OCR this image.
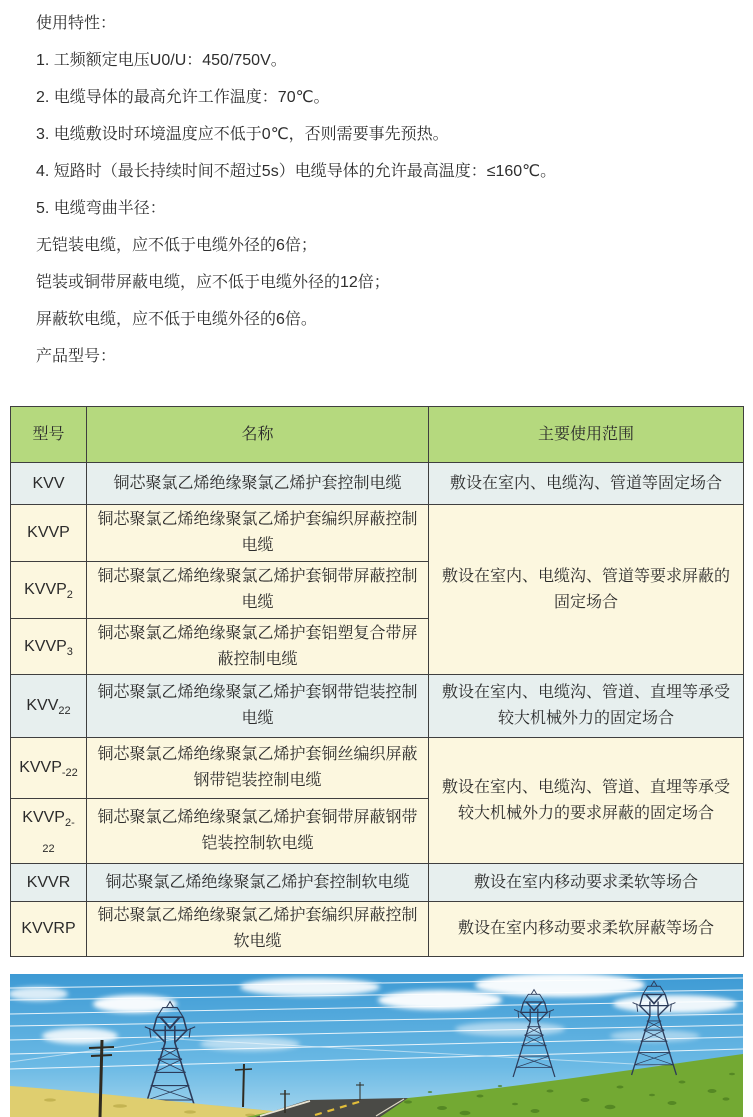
使用特性：

1. 工频额定电压U0/U：450/750V。

2. 电缆导体的最高允许工作温度：70℃。

3. 电缆敷设时环境温度应不低于0℃，否则需要事先预热。

4. 短路时（最长持续时间不超过5s）电缆导体的允许最高温度：≤160℃。

5. 电缆弯曲半径：

无铠装电缆，应不低于电缆外径的6倍；

铠装或铜带屏蔽电缆，应不低于电缆外径的12倍；

屏蔽软电缆，应不低于电缆外径的6倍。

产品型号：

型号	名称	主要使用范围
KVV	铜芯聚氯乙烯绝缘聚氯乙烯护套控制电缆	敷设在室内、电缆沟、管道等固定场合
KVVP	铜芯聚氯乙烯绝缘聚氯乙烯护套编织屏蔽控制电缆	敷设在室内、电缆沟、管道等要求屏蔽的固定场合
$KVVP_2$	铜芯聚氯乙烯绝缘聚氯乙烯护套铜带屏蔽控制电缆	
$KVVP_3$	铜芯聚氯乙烯绝缘聚氯乙烯护套铝塑复合带屏蔽控制电缆	
$KVV_{22}$	铜芯聚氯乙烯绝缘聚氯乙烯护套钢带铠装控制电缆	敷设在室内、电缆沟、管道、直埋等承受较大机械外力的固定场合
$KVVP_{-22}$	铜芯聚氯乙烯绝缘聚氯乙烯护套铜丝编织屏蔽钢带铠装控制电缆	敷设在室内、电缆沟、管道、直埋等承受较大机械外力的要求屏蔽的固定场合
$KVVP_{2-22}$	铜芯聚氯乙烯绝缘聚氯乙烯护套铜带屏蔽钢带铠装控制软电缆	
KVVR	铜芯聚氯乙烯绝缘聚氯乙烯护套控制软电缆	敷设在室内移动要求柔软等场合
KVVRP	铜芯聚氯乙烯绝缘聚氯乙烯护套编织屏蔽控制软电缆	敷设在室内移动要求柔软屏蔽等场合
